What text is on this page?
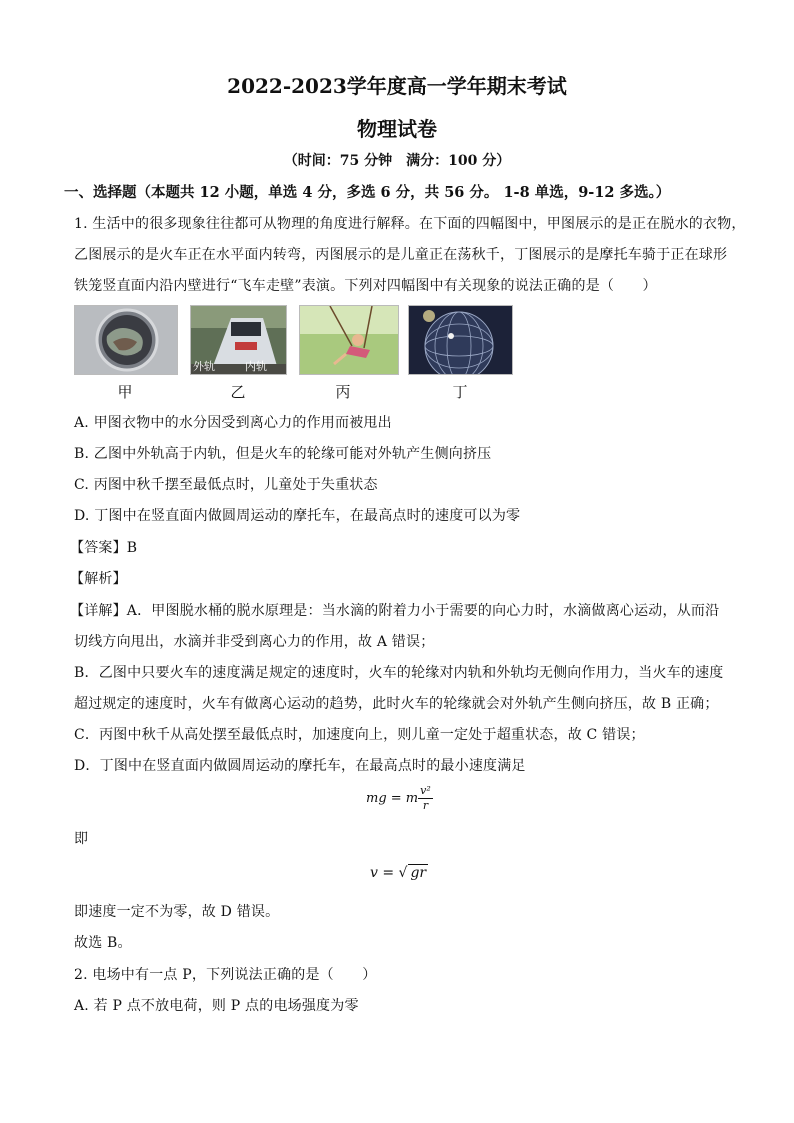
2022-2023学年度高一学年期末考试
物理试卷
（时间：75 分钟　满分：100 分）
一、选择题（本题共 12 小题，单选 4 分，多选 6 分，共 56 分。 1-8 单选，9-12 多选。）
1. 生活中的很多现象往往都可从物理的角度进行解释。在下面的四幅图中，甲图展示的是正在脱水的衣物，
乙图展示的是火车正在水平面内转弯，丙图展示的是儿童正在荡秋千，丁图展示的是摩托车骑于正在球形
铁笼竖直面内沿内壁进行“飞车走壁”表演。下列对四幅图中有关现象的说法正确的是（　　）
外轨	内轨
甲	乙	丙	丁
A. 甲图衣物中的水分因受到离心力的作用而被甩出
B. 乙图中外轨高于内轨，但是火车的轮缘可能对外轨产生侧向挤压
C. 丙图中秋千摆至最低点时，儿童处于失重状态
D. 丁图中在竖直面内做圆周运动的摩托车，在最高点时的速度可以为零
【答案】B
【解析】
【详解】A．甲图脱水桶的脱水原理是：当水滴的附着力小于需要的向心力时，水滴做离心运动，从而沿
切线方向甩出，水滴并非受到离心力的作用，故 A 错误；
B．乙图中只要火车的速度满足规定的速度时，火车的轮缘对内轨和外轨均无侧向作用力，当火车的速度
超过规定的速度时，火车有做离心运动的趋势，此时火车的轮缘就会对外轨产生侧向挤压，故 B 正确；
C．丙图中秋千从高处摆至最低点时，加速度向上，则儿童一定处于超重状态，故 C 错误；
D．丁图中在竖直面内做圆周运动的摩托车，在最高点时的最小速度满足
mg = m $\frac{\text{v²}}{r}$
即
v = √ gr
即速度一定不为零，故 D 错误。
故选 B。
2. 电场中有一点 P，下列说法正确的是（　　）
A. 若 P 点不放电荷，则 P 点的电场强度为零
